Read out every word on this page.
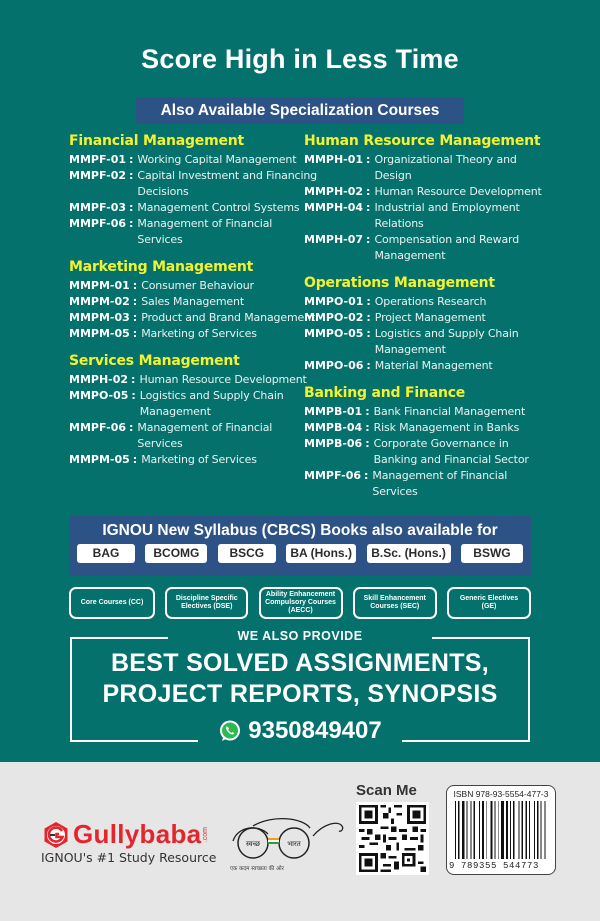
Score High in Less Time
Also Available Specialization Courses
Financial Management
MMPF-01 : Working Capital Management
MMPF-02 : Capital Investment and Financing Decisions
MMPF-03 : Management Control Systems
MMPF-06 : Management of Financial Services
Marketing Management
MMPM-01 : Consumer Behaviour
MMPM-02 : Sales Management
MMPM-03 : Product and Brand Management
MMPM-05 : Marketing of Services
Services Management
MMPH-02 : Human Resource Development
MMPO-05 : Logistics and Supply Chain Management
MMPF-06 : Management of Financial Services
MMPM-05 : Marketing of Services
Human Resource Management
MMPH-01 : Organizational Theory and Design
MMPH-02 : Human Resource Development
MMPH-04 : Industrial and Employment Relations
MMPH-07 : Compensation and Reward Management
Operations Management
MMPO-01 : Operations Research
MMPO-02 : Project Management
MMPO-05 : Logistics and Supply Chain Management
MMPO-06 : Material Management
Banking and Finance
MMPB-01 : Bank Financial Management
MMPB-04 : Risk Management in Banks
MMPB-06 : Corporate Governance in Banking and Financial Sector
MMPF-06 : Management of Financial Services
IGNOU New Syllabus (CBCS) Books also available for
BAG	BCOMG	BSCG	BA (Hons.)	B.Sc. (Hons.)	BSWG
Core Courses (CC)
Discipline Specific Electives (DSE)
Ability Enhancement Compulsory Courses (AECC)
Skill Enhancement Courses (SEC)
Generic Electives (GE)
WE ALSO PROVIDE
BEST SOLVED ASSIGNMENTS,
PROJECT REPORTS, SYNOPSIS
9350849407
Gullybaba .com
IGNOU's #1 Study Resource
स्वच्छ	भारत
एक कदम स्वच्छता की ओर
Scan Me	ISBN 978-93-5554-477-3
9 789355 544773
